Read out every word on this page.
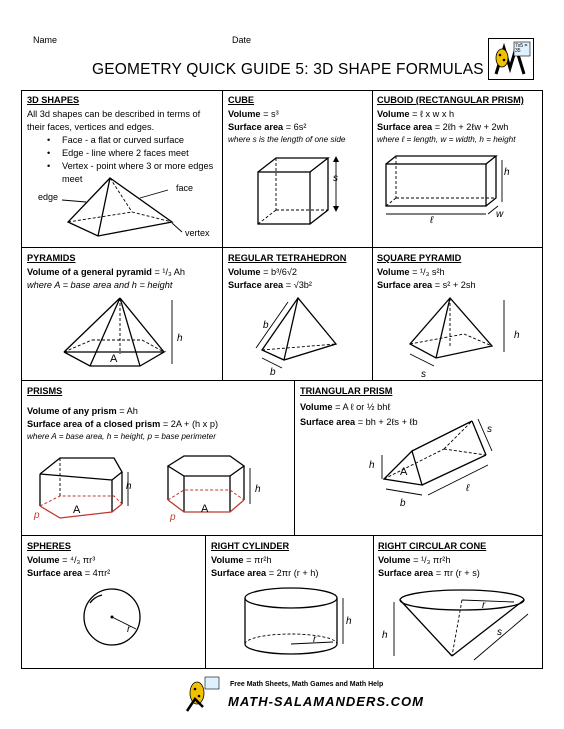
Name	Date
GEOMETRY QUICK GUIDE 5: 3D SHAPE FORMULAS
7x5 = 35
3D SHAPES
All 3d shapes can be described in terms of
their faces, vertices and edges.
• Face - a flat or curved surface
• Edge - line where 2 faces meet
• Vertex - point where 3 or more edges
meet
edge
face
vertex
CUBE
Volume = s³
Surface area = 6s²
where s is the length of one side
s
CUBOID (RECTANGULAR PRISM)
Volume = ℓ x w x h
Surface area = 2ℓh + 2ℓw + 2wh
where ℓ = length, w = width, h = height
h
ℓ
w
PYRAMIDS
Volume of a general pyramid = ¹/₃ Ah
where A = base area and h = height
A
h
REGULAR TETRAHEDRON
Volume = b³/6√2
Surface area = √3b²
b
b
SQUARE PYRAMID
Volume = ¹/₃ s²h
Surface area = s² + 2sh
h
s
PRISMS
Volume of any prism = Ah
Surface area of a closed prism = 2A + (h x p)
where A = base area, h = height, p = base perimeter
h
p	A
h
p
A
TRIANGULAR PRISM
Volume = A ℓ or ½ bhℓ
Surface area = bh + 2ℓs + ℓb
h
A
b
ℓ
s
SPHERES
Volume = ⁴/₃ πr³
Surface area = 4πr²
r
RIGHT CYLINDER
Volume = πr²h
Surface area = 2πr (r + h)
r
h
RIGHT CIRCULAR CONE
Volume = ¹/₃ πr²h
Surface area = πr (r + s)
r
h	s
Free Math Sheets, Math Games and Math Help
MATH-SALAMANDERS.COM
